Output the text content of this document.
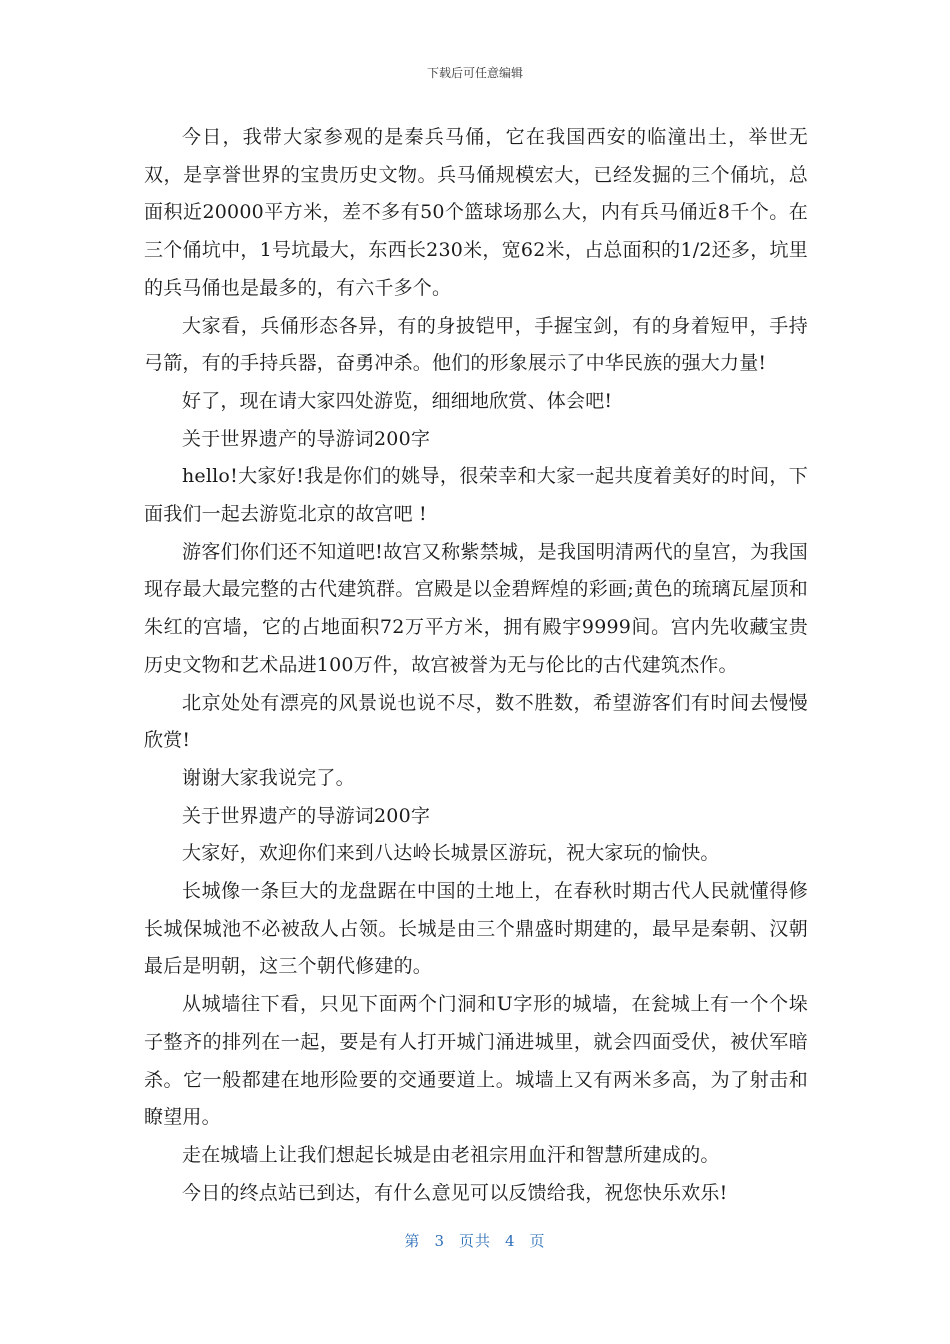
下载后可任意编辑

今日，我带大家参观的是秦兵马俑，它在我国西安的临潼出土，举世无双，是享誉世界的宝贵历史文物。兵马俑规模宏大，已经发掘的三个俑坑，总面积近20000平方米，差不多有50个篮球场那么大，内有兵马俑近8千个。在三个俑坑中，1号坑最大，东西长230米，宽62米，占总面积的1/2还多，坑里的兵马俑也是最多的，有六千多个。

大家看，兵俑形态各异，有的身披铠甲，手握宝剑，有的身着短甲，手持弓箭，有的手持兵器，奋勇冲杀。他们的形象展示了中华民族的强大力量!

好了，现在请大家四处游览，细细地欣赏、体会吧!

关于世界遗产的导游词200字

hello!大家好!我是你们的姚导，很荣幸和大家一起共度着美好的时间，下面我们一起去游览北京的故宫吧 !

游客们你们还不知道吧!故宫又称紫禁城，是我国明清两代的皇宫，为我国现存最大最完整的古代建筑群。宫殿是以金碧辉煌的彩画;黄色的琉璃瓦屋顶和朱红的宫墙，它的占地面积72万平方米，拥有殿宇9999间。宫内先收藏宝贵历史文物和艺术品进100万件，故宫被誉为无与伦比的古代建筑杰作。

北京处处有漂亮的风景说也说不尽，数不胜数，希望游客们有时间去慢慢欣赏!

谢谢大家我说完了。

关于世界遗产的导游词200字

大家好，欢迎你们来到八达岭长城景区游玩，祝大家玩的愉快。

长城像一条巨大的龙盘踞在中国的土地上，在春秋时期古代人民就懂得修长城保城池不必被敌人占领。长城是由三个鼎盛时期建的，最早是秦朝、汉朝最后是明朝，这三个朝代修建的。

从城墙往下看，只见下面两个门洞和U字形的城墙，在瓮城上有一个个垛子整齐的排列在一起，要是有人打开城门涌进城里，就会四面受伏，被伏军暗杀。它一般都建在地形险要的交通要道上。城墙上又有两米多高，为了射击和瞭望用。

走在城墙上让我们想起长城是由老祖宗用血汗和智慧所建成的。

今日的终点站已到达，有什么意见可以反馈给我，祝您快乐欢乐!

第 3 页共 4 页
